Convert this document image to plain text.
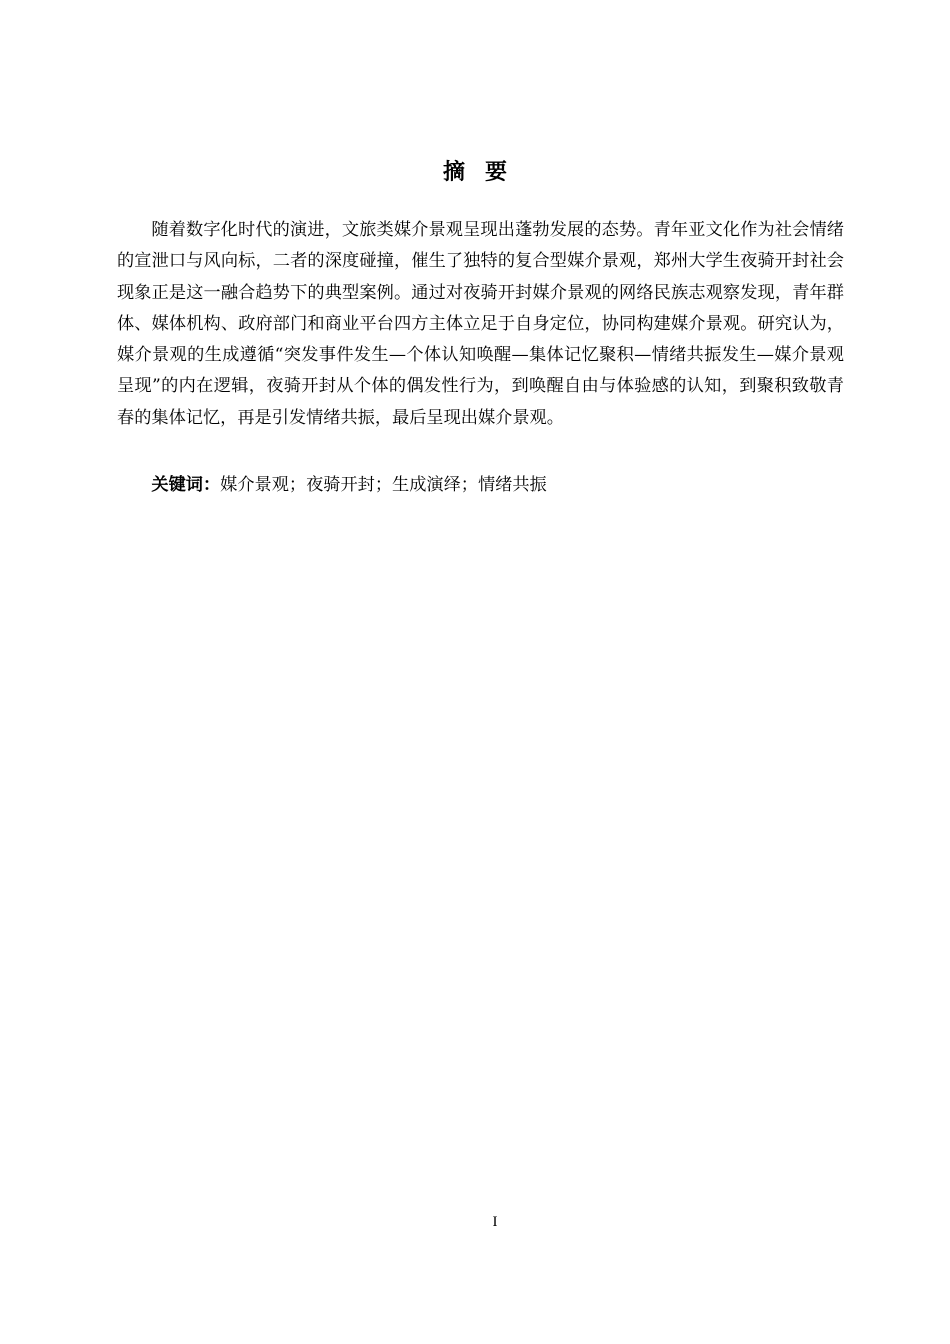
摘要

随着数字化时代的演进，文旅类媒介景观呈现出蓬勃发展的态势。青年亚文化作为社会情绪的宣泄口与风向标，二者的深度碰撞，催生了独特的复合型媒介景观，郑州大学生夜骑开封社会现象正是这一融合趋势下的典型案例。通过对夜骑开封媒介景观的网络民族志观察发现，青年群体、媒体机构、政府部门和商业平台四方主体立足于自身定位，协同构建媒介景观。研究认为，媒介景观的生成遵循“突发事件发生—个体认知唤醒—集体记忆聚积—情绪共振发生—媒介景观呈现”的内在逻辑，夜骑开封从个体的偶发性行为，到唤醒自由与体验感的认知，到聚积致敬青春的集体记忆，再是引发情绪共振，最后呈现出媒介景观。

关键词：媒介景观；夜骑开封；生成演绎；情绪共振

I
